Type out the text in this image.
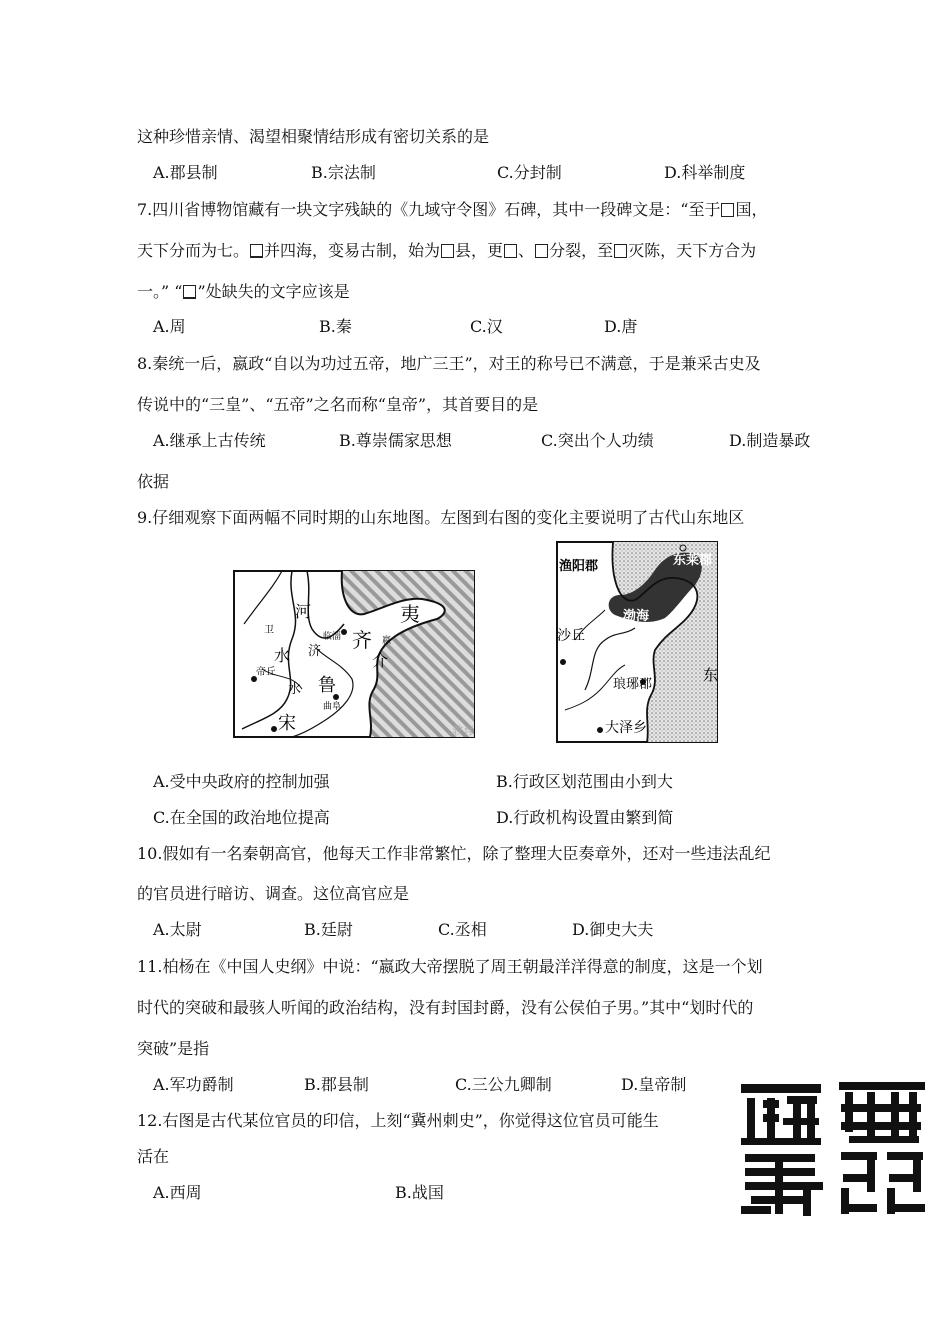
这种珍惜亲情、渴望相聚情结形成有密切关系的是
A.郡县制	B.宗法制	C.分封制	D.科举制度
7.四川省博物馆藏有一块文字残缺的《九域守令图》石碑，其中一段碑文是：“至于 国，
天下分而为七。 并四海，变易古制，始为 县，更 、 分裂，至 灭陈，天下方合为
一。” “ ”处缺失的文字应该是
A.周	B.秦	C.汉	D.唐
8.秦统一后，嬴政“自以为功过五帝，地广三王”，对王的称号已不满意，于是兼采古史及
传说中的“三皇”、“五帝”之名而称“皇帝”，其首要目的是
A.继承上古传统	B.尊崇儒家思想	C.突出个人功绩	D.制造暴政
依据
9.仔细观察下面两幅不同时期的山东地图。左图到右图的变化主要说明了古代山东地区
河
水 济
水
齐
夷
介
鲁
宋
临淄
曲阜
帝丘
卫
嬴
教育
渔阳郡	东莱郡
渤海
沙丘
琅琊郡
大泽乡
东
A.受中央政府的控制加强	B.行政区划范围由小到大
C.在全国的政治地位提高	D.行政机构设置由繁到简
10.假如有一名秦朝高官，他每天工作非常繁忙，除了整理大臣奏章外，还对一些违法乱纪
的官员进行暗访、调查。这位高官应是
A.太尉	B.廷尉	C.丞相	D.御史大夫
11.柏杨在《中国人史纲》中说：“嬴政大帝摆脱了周王朝最洋洋得意的制度，这是一个划
时代的突破和最骇人听闻的政治结构，没有封国封爵，没有公侯伯子男。”其中“划时代的
突破”是指
A.军功爵制	B.郡县制	C.三公九卿制	D.皇帝制
12.右图是古代某位官员的印信，上刻“冀州刺史”，你觉得这位官员可能生
活在
A.西周	B.战国
